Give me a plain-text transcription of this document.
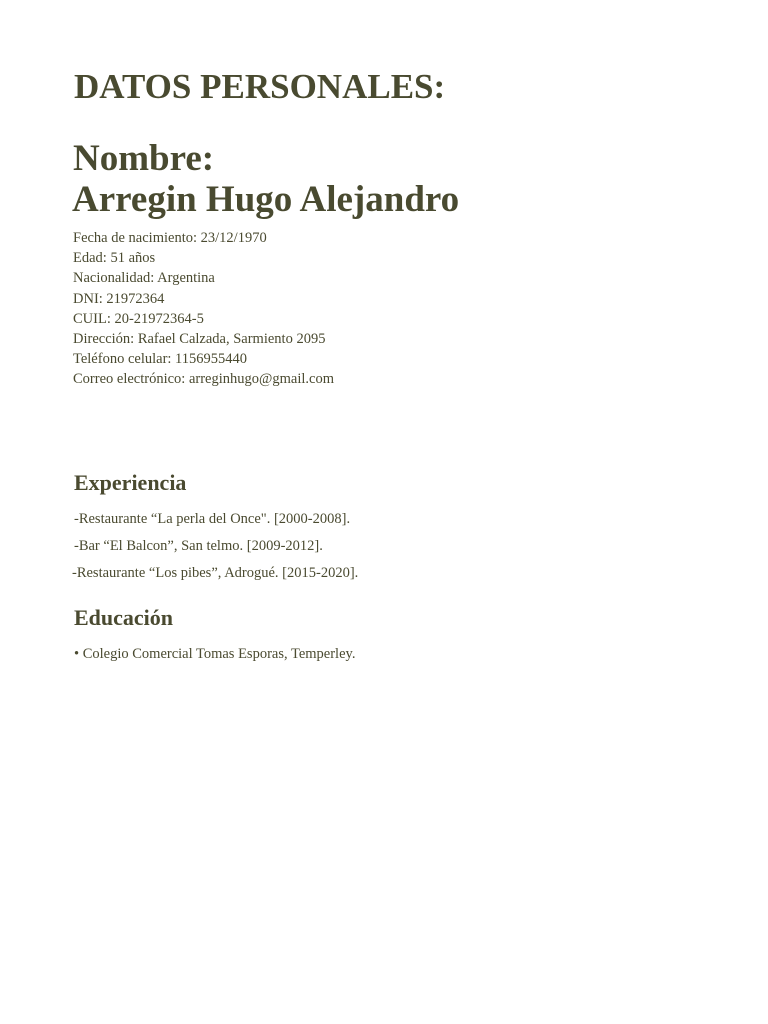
DATOS PERSONALES:
Nombre:
Arregin Hugo Alejandro
Fecha de nacimiento: 23/12/1970
Edad: 51 años
Nacionalidad: Argentina
DNI: 21972364
CUIL: 20-21972364-5
Dirección: Rafael Calzada, Sarmiento 2095
Teléfono celular: 1156955440
Correo electrónico: arreginhugo@gmail.com
Experiencia

-Restaurante “La perla del Once". [2000-2008].

-Bar “El Balcon”, San telmo. [2009-2012].

-Restaurante “Los pibes”, Adrogué. [2015-2020].

Educación

• Colegio Comercial Tomas Esporas, Temperley.
